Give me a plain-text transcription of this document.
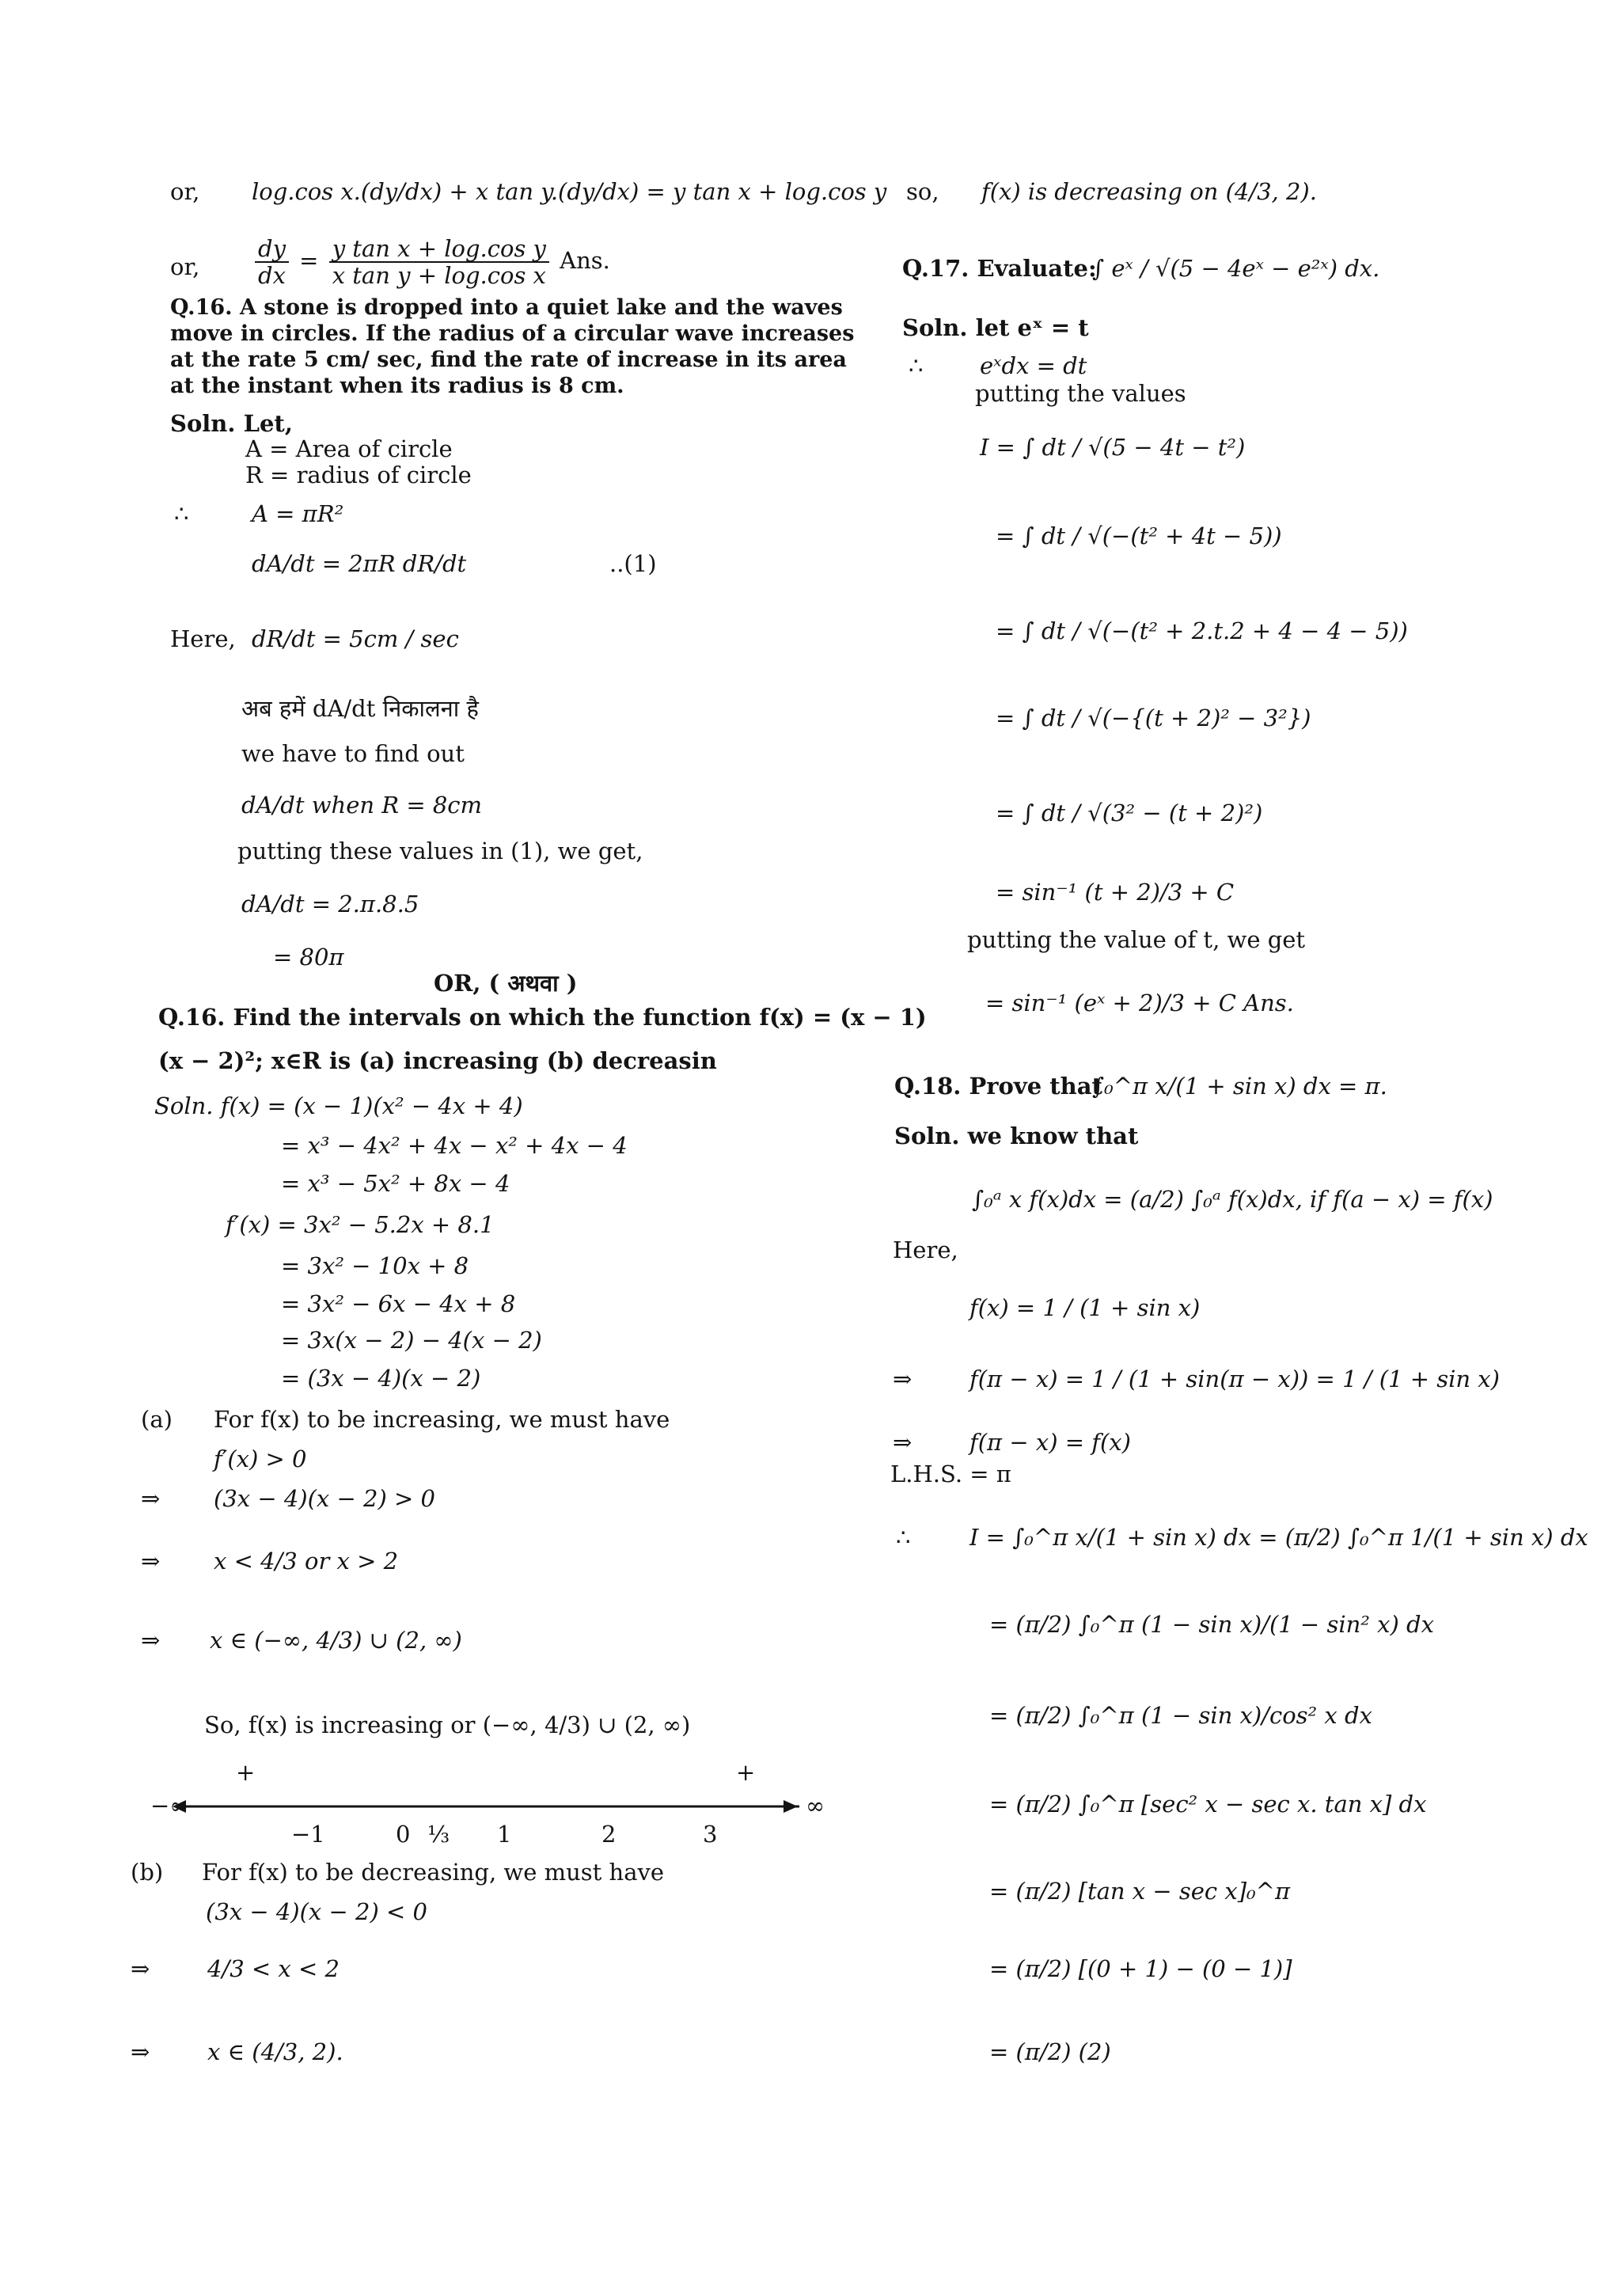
or, log.cos x.(dy/dx) + x tan y.(dy/dx) = y tan x + log.cos y
or, $\frac{dy}{dx} = \frac{\text{y tan x + log.cos y}}{\text{x tan y + log.cos x}}$ Ans.
Q.16. A stone is dropped into a quiet lake and the waves move in circles. If the radius of a circular wave increases at the rate 5 cm/ sec, find the rate of increase in its area at the instant when its radius is 8 cm.
Soln. Let,
A = Area of circle
R = radius of circle
∴	A = πR²
dA/dt = 2πR dR/dt	..(1)
Here, dR/dt = 5cm / sec
अब हमें dA/dt निकालना है
we have to find out
dA/dt when R = 8cm
putting these values in (1), we get,
dA/dt = 2.π.8.5
= 80π
OR, ( अथवा )
Q.16. Find the intervals on which the function f(x) = (x − 1)
(x − 2)²; x∈R is (a) increasing (b) decreasin
Soln. f(x) = (x − 1)(x² − 4x + 4)
= x³ − 4x² + 4x − x² + 4x − 4
= x³ − 5x² + 8x − 4
f′(x) = 3x² − 5.2x + 8.1
= 3x² − 10x + 8
= 3x² − 6x − 4x + 8
= 3x(x − 2) − 4(x − 2)
= (3x − 4)(x − 2)
(a) For f(x) to be increasing, we must have
f′(x) > 0
⇒ (3x − 4)(x − 2) > 0
⇒ x < 4/3 or x > 2
⇒ x ∈ (−∞, 4/3) ∪ (2, ∞)
So, f(x) is increasing or (−∞, 4/3) ∪ (2, ∞)
−∞
−1	0 ⅓ 1	2	3
∞
+	+
(b) For f(x) to be decreasing, we must have
(3x − 4)(x − 2) < 0
⇒	4/3 < x < 2
⇒	x ∈ (4/3, 2).
so, f(x) is decreasing on (4/3, 2).
Q.17. Evaluate:
∫ eˣ / √(5 − 4eˣ − e²ˣ) dx.
Soln. let eˣ = t
∴ eˣdx = dt
putting the values
I = ∫ dt / √(5 − 4t − t²)
= ∫ dt / √(−(t² + 4t − 5))
= ∫ dt / √(−(t² + 2.t.2 + 4 − 4 − 5))
= ∫ dt / √(−{(t + 2)² − 3²})
= ∫ dt / √(3² − (t + 2)²)
= sin⁻¹ (t + 2)/3 + C
putting the value of t, we get
= sin⁻¹ (eˣ + 2)/3 + C Ans.
Q.18. Prove that
∫₀^π x/(1 + sin x) dx = π.
Soln. we know that
∫₀ᵃ x f(x)dx = (a/2) ∫₀ᵃ f(x)dx, if f(a − x) = f(x)
Here,
f(x) = 1 / (1 + sin x)
⇒	f(π − x) = 1 / (1 + sin(π − x)) = 1 / (1 + sin x)
⇒	f(π − x) = f(x)
L.H.S. = π
∴	I = ∫₀^π x/(1 + sin x) dx = (π/2) ∫₀^π 1/(1 + sin x) dx
= (π/2) ∫₀^π (1 − sin x)/(1 − sin² x) dx
= (π/2) ∫₀^π (1 − sin x)/cos² x dx
= (π/2) ∫₀^π [sec² x − sec x. tan x] dx
= (π/2) [tan x − sec x]₀^π
= (π/2) [(0 + 1) − (0 − 1)]
= (π/2) (2)
